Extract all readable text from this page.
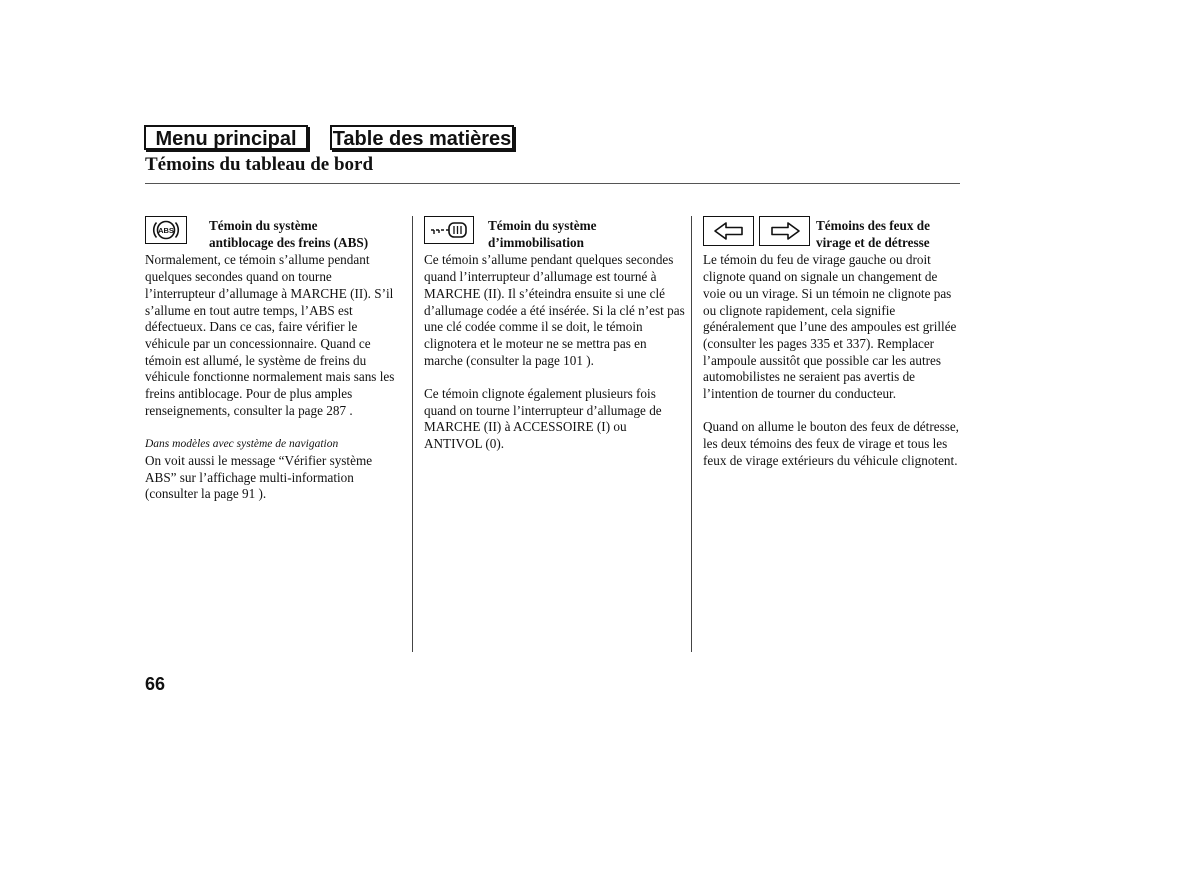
Menu principal	Table des matières
Témoins du tableau de bord
ABS	Témoin du système
antiblocage des freins (ABS)

Normalement, ce témoin s’allume pendant quelques secondes quand on tourne l’interrupteur d’allumage à MARCHE (II). S’il s’allume en tout autre temps, l’ABS est défectueux. Dans ce cas, faire vérifier le véhicule par un concessionnaire. Quand ce témoin est allumé, le système de freins du véhicule fonctionne normalement mais sans les freins antiblocage. Pour de plus amples renseignements, consulter la page 287 .

Dans modèles avec système de navigation

On voit aussi le message “Vérifier système ABS” sur l’affichage multi-information (consulter la page 91 ).

Témoin du système
d’immobilisation

Ce témoin s’allume pendant quelques secondes quand l’interrupteur d’allumage est tourné à MARCHE (II). Il s’éteindra ensuite si une clé d’allumage codée a été insérée. Si la clé n’est pas une clé codée comme il se doit, le témoin clignotera et le moteur ne se mettra pas en marche (consulter la page 101 ).

Ce témoin clignote également plusieurs fois quand on tourne l’interrupteur d’allumage de MARCHE (II) à ACCESSOIRE (I) ou ANTIVOL (0).

Témoins des feux de
virage et de détresse

Le témoin du feu de virage gauche ou droit clignote quand on signale un changement de voie ou un virage. Si un témoin ne clignote pas ou clignote rapidement, cela signifie généralement que l’une des ampoules est grillée (consulter les pages 335 et 337). Remplacer l’ampoule aussitôt que possible car les autres automobilistes ne seraient pas avertis de l’intention de tourner du conducteur.

Quand on allume le bouton des feux de détresse, les deux témoins des feux de virage et tous les feux de virage extérieurs du véhicule clignotent.

66
